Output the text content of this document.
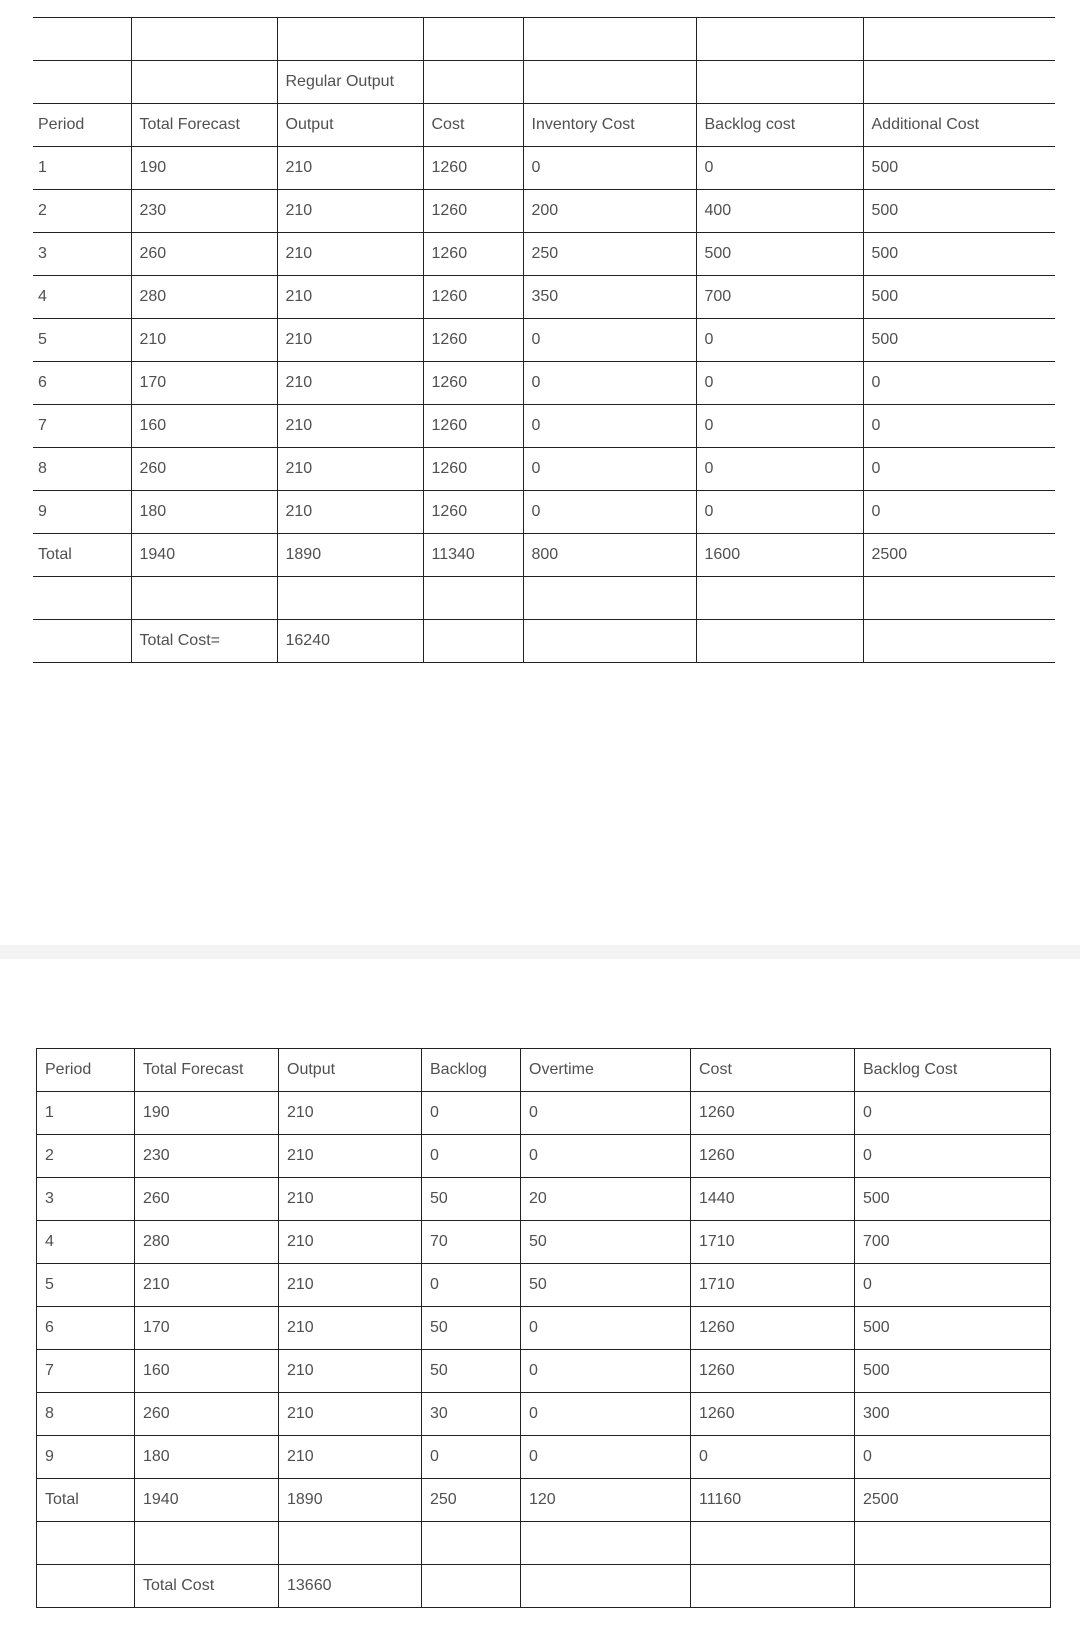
		Regular Output				
Period	Total Forecast	Output	Cost	Inventory Cost	Backlog cost	Additional Cost
1	190	210	1260	0	0	500
2	230	210	1260	200	400	500
3	260	210	1260	250	500	500
4	280	210	1260	350	700	500
5	210	210	1260	0	0	500
6	170	210	1260	0	0	0
7	160	210	1260	0	0	0
8	260	210	1260	0	0	0
9	180	210	1260	0	0	0
Total	1940	1890	11340	800	1600	2500

	Total Cost=	16240				
Period	Total Forecast	Output	Backlog	Overtime	Cost	Backlog Cost
1	190	210	0	0	1260	0
2	230	210	0	0	1260	0
3	260	210	50	20	1440	500
4	280	210	70	50	1710	700
5	210	210	0	50	1710	0
6	170	210	50	0	1260	500
7	160	210	50	0	1260	500
8	260	210	30	0	1260	300
9	180	210	0	0	0	0
Total	1940	1890	250	120	11160	2500

	Total Cost	13660				
